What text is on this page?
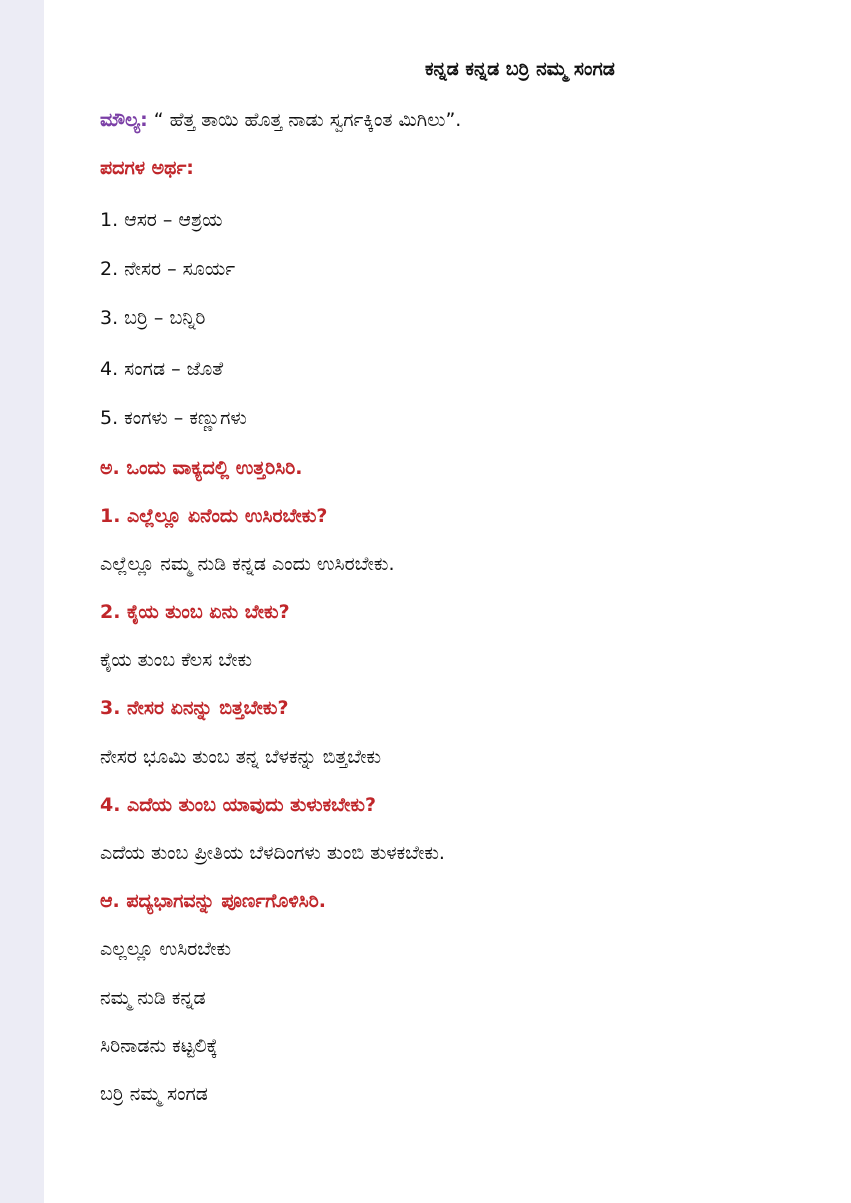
ಕನ್ನಡ ಕನ್ನಡ ಬರ್ರಿ ನಮ್ಮ ಸಂಗಡ
ಮೌಲ್ಯ: “ ಹೆತ್ತ ತಾಯಿ ಹೊತ್ತ ನಾಡು ಸ್ವರ್ಗಕ್ಕಿಂತ ಮಿಗಿಲು”.
ಪದಗಳ ಅರ್ಥ:
1. ಆಸರ – ಆಶ್ರಯ
2. ನೇಸರ – ಸೂರ್ಯ
3. ಬರ್ರಿ – ಬನ್ನಿರಿ
4. ಸಂಗಡ – ಜೊತೆ
5. ಕಂಗಳು – ಕಣ್ಣುಗಳು
ಅ. ಒಂದು ವಾಕ್ಯದಲ್ಲಿ ಉತ್ತರಿಸಿರಿ.
1. ಎಲ್ಲೆಲ್ಲೂ ಏನೆಂದು ಉಸಿರಬೇಕು?
ಎಲ್ಲೆಲ್ಲೂ ನಮ್ಮ ನುಡಿ ಕನ್ನಡ ಎಂದು ಉಸಿರಬೇಕು.
2. ಕೈಯ ತುಂಬ ಏನು ಬೇಕು?
ಕೈಯ ತುಂಬ ಕೆಲಸ ಬೇಕು
3. ನೇಸರ ಏನನ್ನು ಬಿತ್ತಬೇಕು?
ನೇಸರ ಭೂಮಿ ತುಂಬ ತನ್ನ ಬೆಳಕನ್ನು ಬಿತ್ತಬೇಕು
4. ಎದೆಯ ತುಂಬ ಯಾವುದು ತುಳುಕಬೇಕು?
ಎದೆಯ ತುಂಬ ಪ್ರೀತಿಯ ಬೆಳದಿಂಗಳು ತುಂಬಿ ತುಳಕಬೇಕು.
ಆ. ಪದ್ಯಭಾಗವನ್ನು ಪೂರ್ಣಗೊಳಿಸಿರಿ.
ಎಲ್ಲಲ್ಲೂ ಉಸಿರಬೇಕು
ನಮ್ಮ ನುಡಿ ಕನ್ನಡ
ಸಿರಿನಾಡನು ಕಟ್ಟಲಿಕ್ಕೆ
ಬರ್ರಿ ನಮ್ಮ ಸಂಗಡ
